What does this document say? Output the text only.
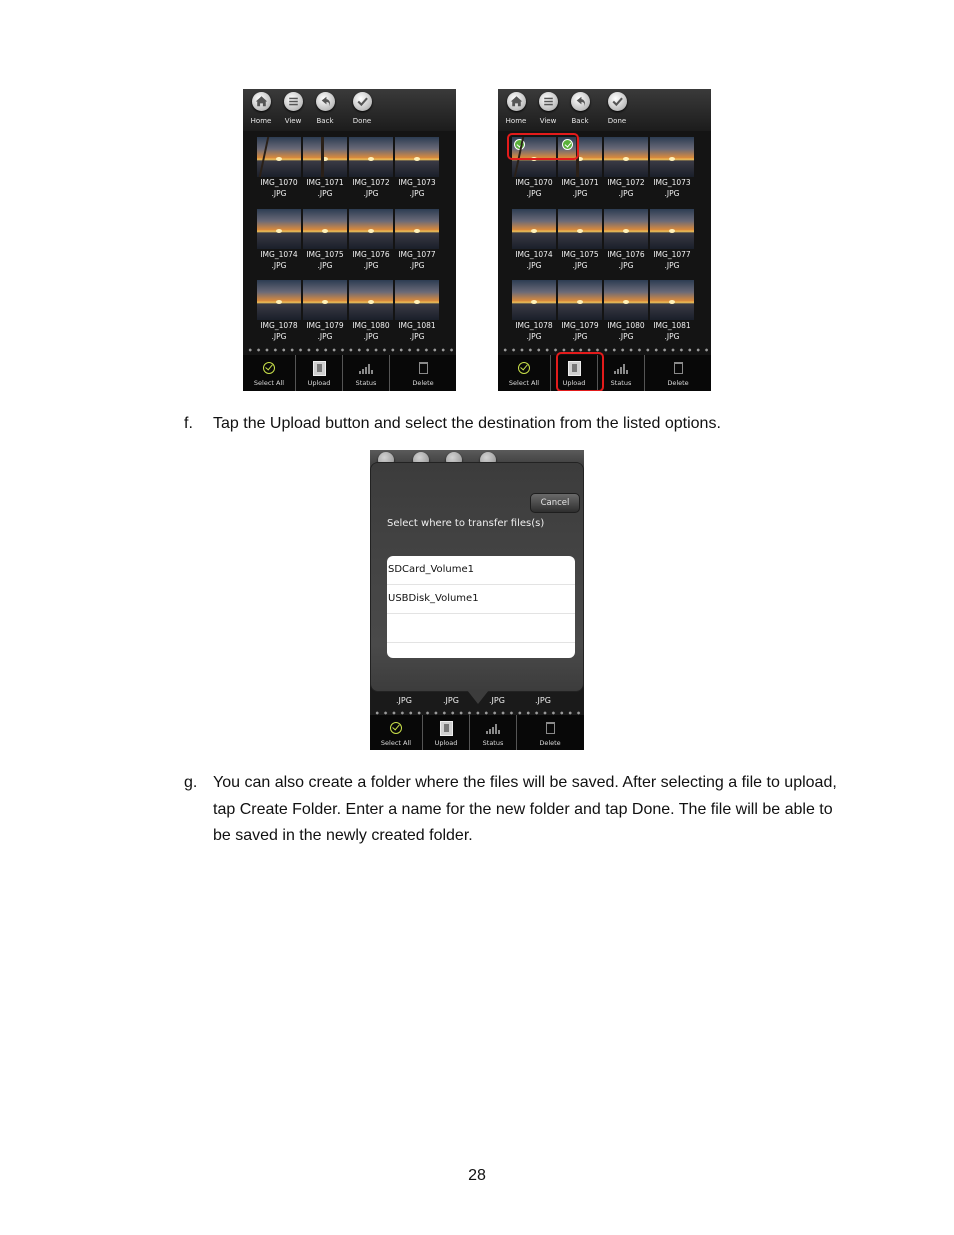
Home	View	Back	Done
IMG_1070
.JPG
IMG_1071
.JPG
IMG_1072
.JPG
IMG_1073
.JPG
IMG_1074
.JPG
IMG_1075
.JPG
IMG_1076
.JPG
IMG_1077
.JPG
IMG_1078
.JPG
IMG_1079
.JPG
IMG_1080
.JPG
IMG_1081
.JPG
Select All	Upload	Status	Delete
Home	View	Back	Done
IMG_1070
.JPG
IMG_1071
.JPG
IMG_1072
.JPG
IMG_1073
.JPG
IMG_1074
.JPG
IMG_1075
.JPG
IMG_1076
.JPG
IMG_1077
.JPG
IMG_1078
.JPG
IMG_1079
.JPG
IMG_1080
.JPG
IMG_1081
.JPG
Select All	Upload	Status	Delete
f. Tap the Upload button and select the destination from the listed options.
Cancel
Select where to transfer files(s)
SDCard_Volume1
USBDisk_Volume1
.JPG	.JPG	.JPG	.JPG
Select All	Upload	Status	Delete
g. You can also create a folder where the files will be saved. After selecting a file to upload, tap Create Folder. Enter a name for the new folder and tap Done. The file will be able to be saved in the newly created folder.
28
